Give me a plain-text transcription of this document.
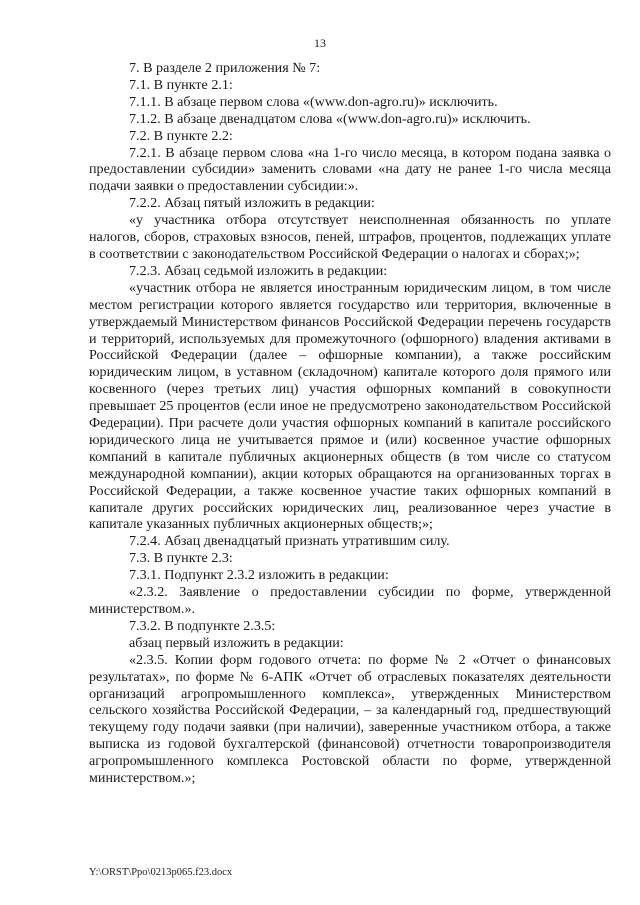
13

7. В разделе 2 приложения № 7:

7.1. В пункте 2.1:

7.1.1. В абзаце первом слова «(www.don-agro.ru)» исключить.

7.1.2. В абзаце двенадцатом слова «(www.don-agro.ru)» исключить.

7.2. В пункте 2.2:

7.2.1. В абзаце первом слова «на 1-го число месяца, в котором подана заявка о предоставлении субсидии» заменить словами «на дату не ранее 1-го числа месяца подачи заявки о предоставлении субсидии:».

7.2.2. Абзац пятый изложить в редакции:

«у участника отбора отсутствует неисполненная обязанность по уплате налогов, сборов, страховых взносов, пеней, штрафов, процентов, подлежащих уплате в соответствии с законодательством Российской Федерации о налогах и сборах;»;

7.2.3. Абзац седьмой изложить в редакции:

«участник отбора не является иностранным юридическим лицом, в том числе местом регистрации которого является государство или территория, включенные в утверждаемый Министерством финансов Российской Федерации перечень государств и территорий, используемых для промежуточного (офшорного) владения активами в Российской Федерации (далее – офшорные компании), а также российским юридическим лицом, в уставном (складочном) капитале которого доля прямого или косвенного (через третьих лиц) участия офшорных компаний в совокупности превышает 25 процентов (если иное не предусмотрено законодательством Российской Федерации). При расчете доли участия офшорных компаний в капитале российского юридического лица не учитывается прямое и (или) косвенное участие офшорных компаний в капитале публичных акционерных обществ (в том числе со статусом международной компании), акции которых обращаются на организованных торгах в Российской Федерации, а также косвенное участие таких офшорных компаний в капитале других российских юридических лиц, реализованное через участие в капитале указанных публичных акционерных обществ;»;

7.2.4. Абзац двенадцатый признать утратившим силу.

7.3. В пункте 2.3:

7.3.1. Подпункт 2.3.2 изложить в редакции:

«2.3.2. Заявление о предоставлении субсидии по форме, утвержденной министерством.».

7.3.2. В подпункте 2.3.5:

абзац первый изложить в редакции:

«2.3.5. Копии форм годового отчета: по форме № 2 «Отчет о финансовых результатах», по форме № 6-АПК «Отчет об отраслевых показателях деятельности организаций агропромышленного комплекса», утвержденных Министерством сельского хозяйства Российской Федерации, – за календарный год, предшествующий текущему году подачи заявки (при наличии), заверенные участником отбора, а также выписка из годовой бухгалтерской (финансовой) отчетности товаропроизводителя агропромышленного комплекса Ростовской области по форме, утвержденной министерством.»;

Y:\ORST\Ppo\0213p065.f23.docx
